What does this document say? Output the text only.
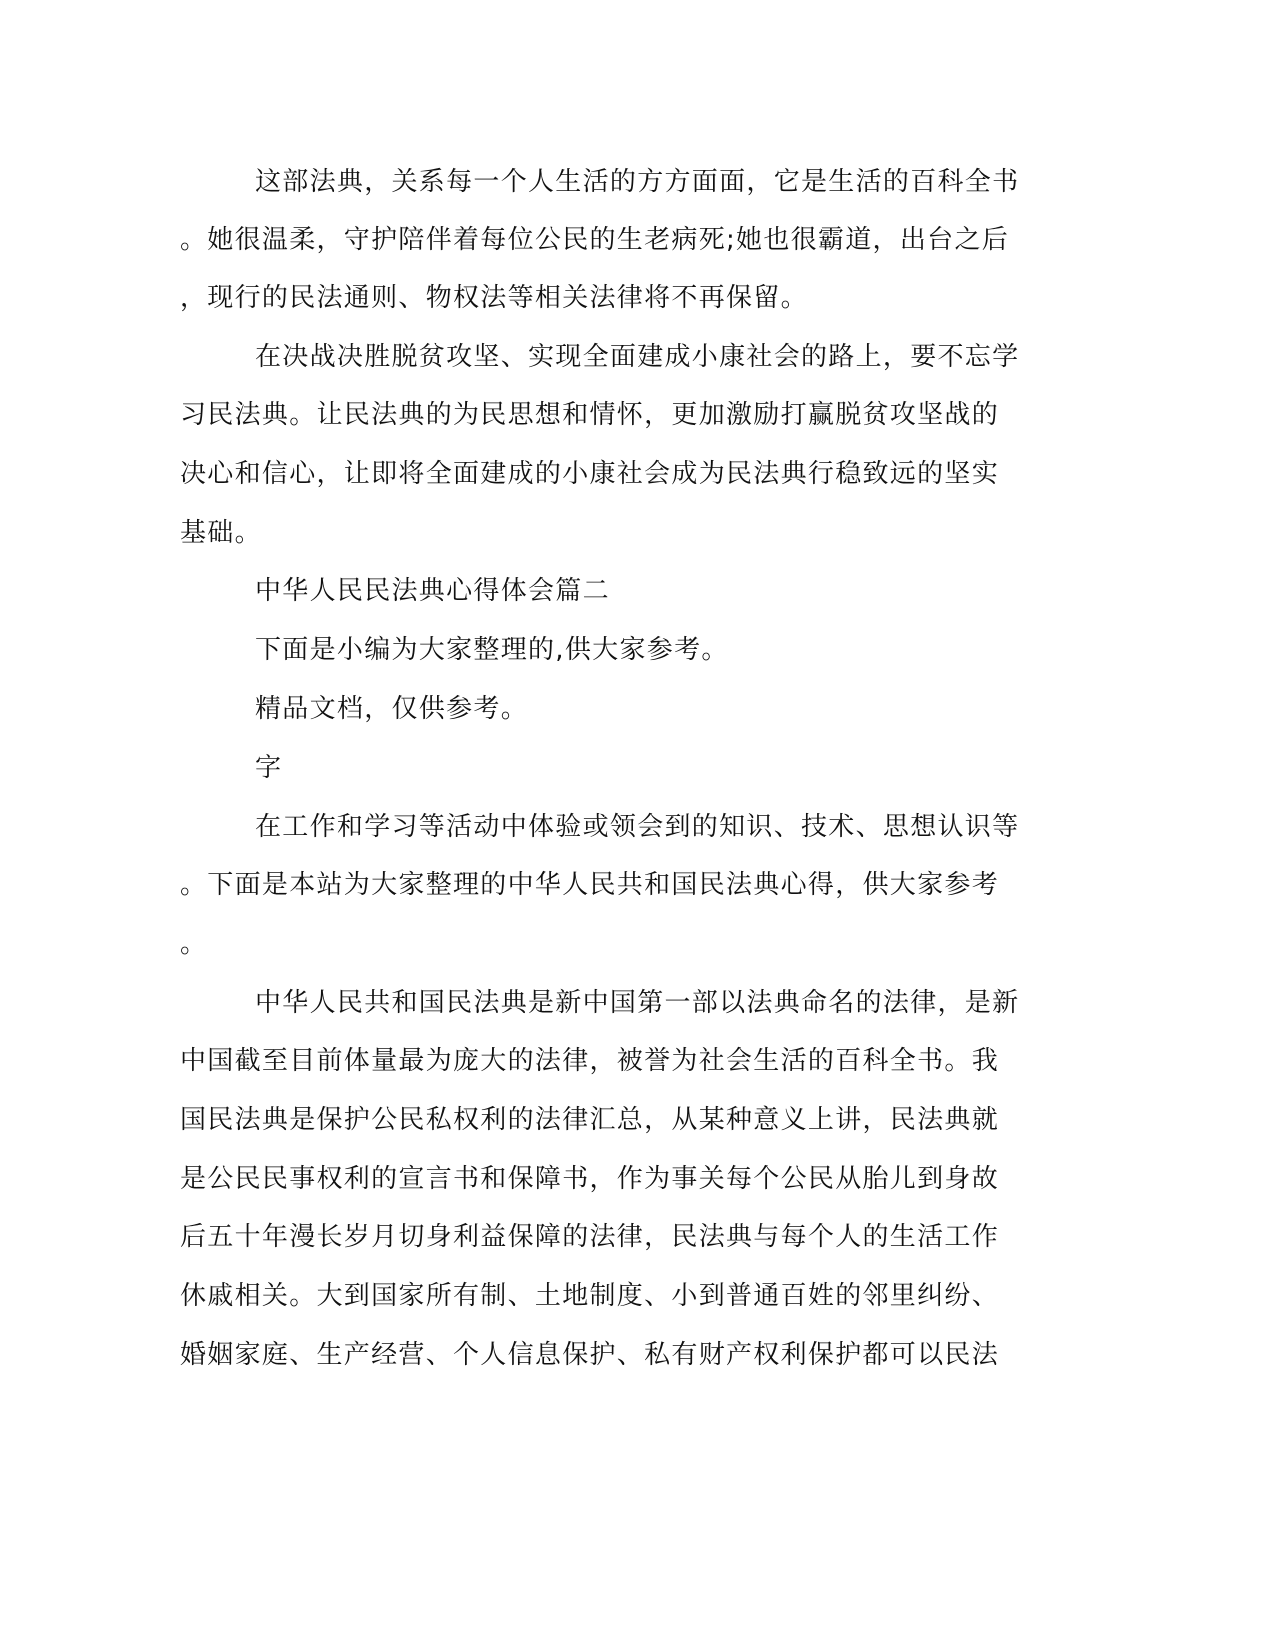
这部法典，关系每一个人生活的方方面面，它是生活的百科全书

。她很温柔，守护陪伴着每位公民的生老病死;她也很霸道，出台之后

，现行的民法通则、物权法等相关法律将不再保留。

在决战决胜脱贫攻坚、实现全面建成小康社会的路上，要不忘学

习民法典。让民法典的为民思想和情怀，更加激励打赢脱贫攻坚战的

决心和信心，让即将全面建成的小康社会成为民法典行稳致远的坚实

基础。

中华人民民法典心得体会篇二

下面是小编为大家整理的,供大家参考。

精品文档，仅供参考。

字

在工作和学习等活动中体验或领会到的知识、技术、思想认识等

。下面是本站为大家整理的中华人民共和国民法典心得，供大家参考

。

中华人民共和国民法典是新中国第一部以法典命名的法律，是新

中国截至目前体量最为庞大的法律，被誉为社会生活的百科全书。我

国民法典是保护公民私权利的法律汇总，从某种意义上讲，民法典就

是公民民事权利的宣言书和保障书，作为事关每个公民从胎儿到身故

后五十年漫长岁月切身利益保障的法律，民法典与每个人的生活工作

休戚相关。大到国家所有制、土地制度、小到普通百姓的邻里纠纷、

婚姻家庭、生产经营、个人信息保护、私有财产权利保护都可以民法
